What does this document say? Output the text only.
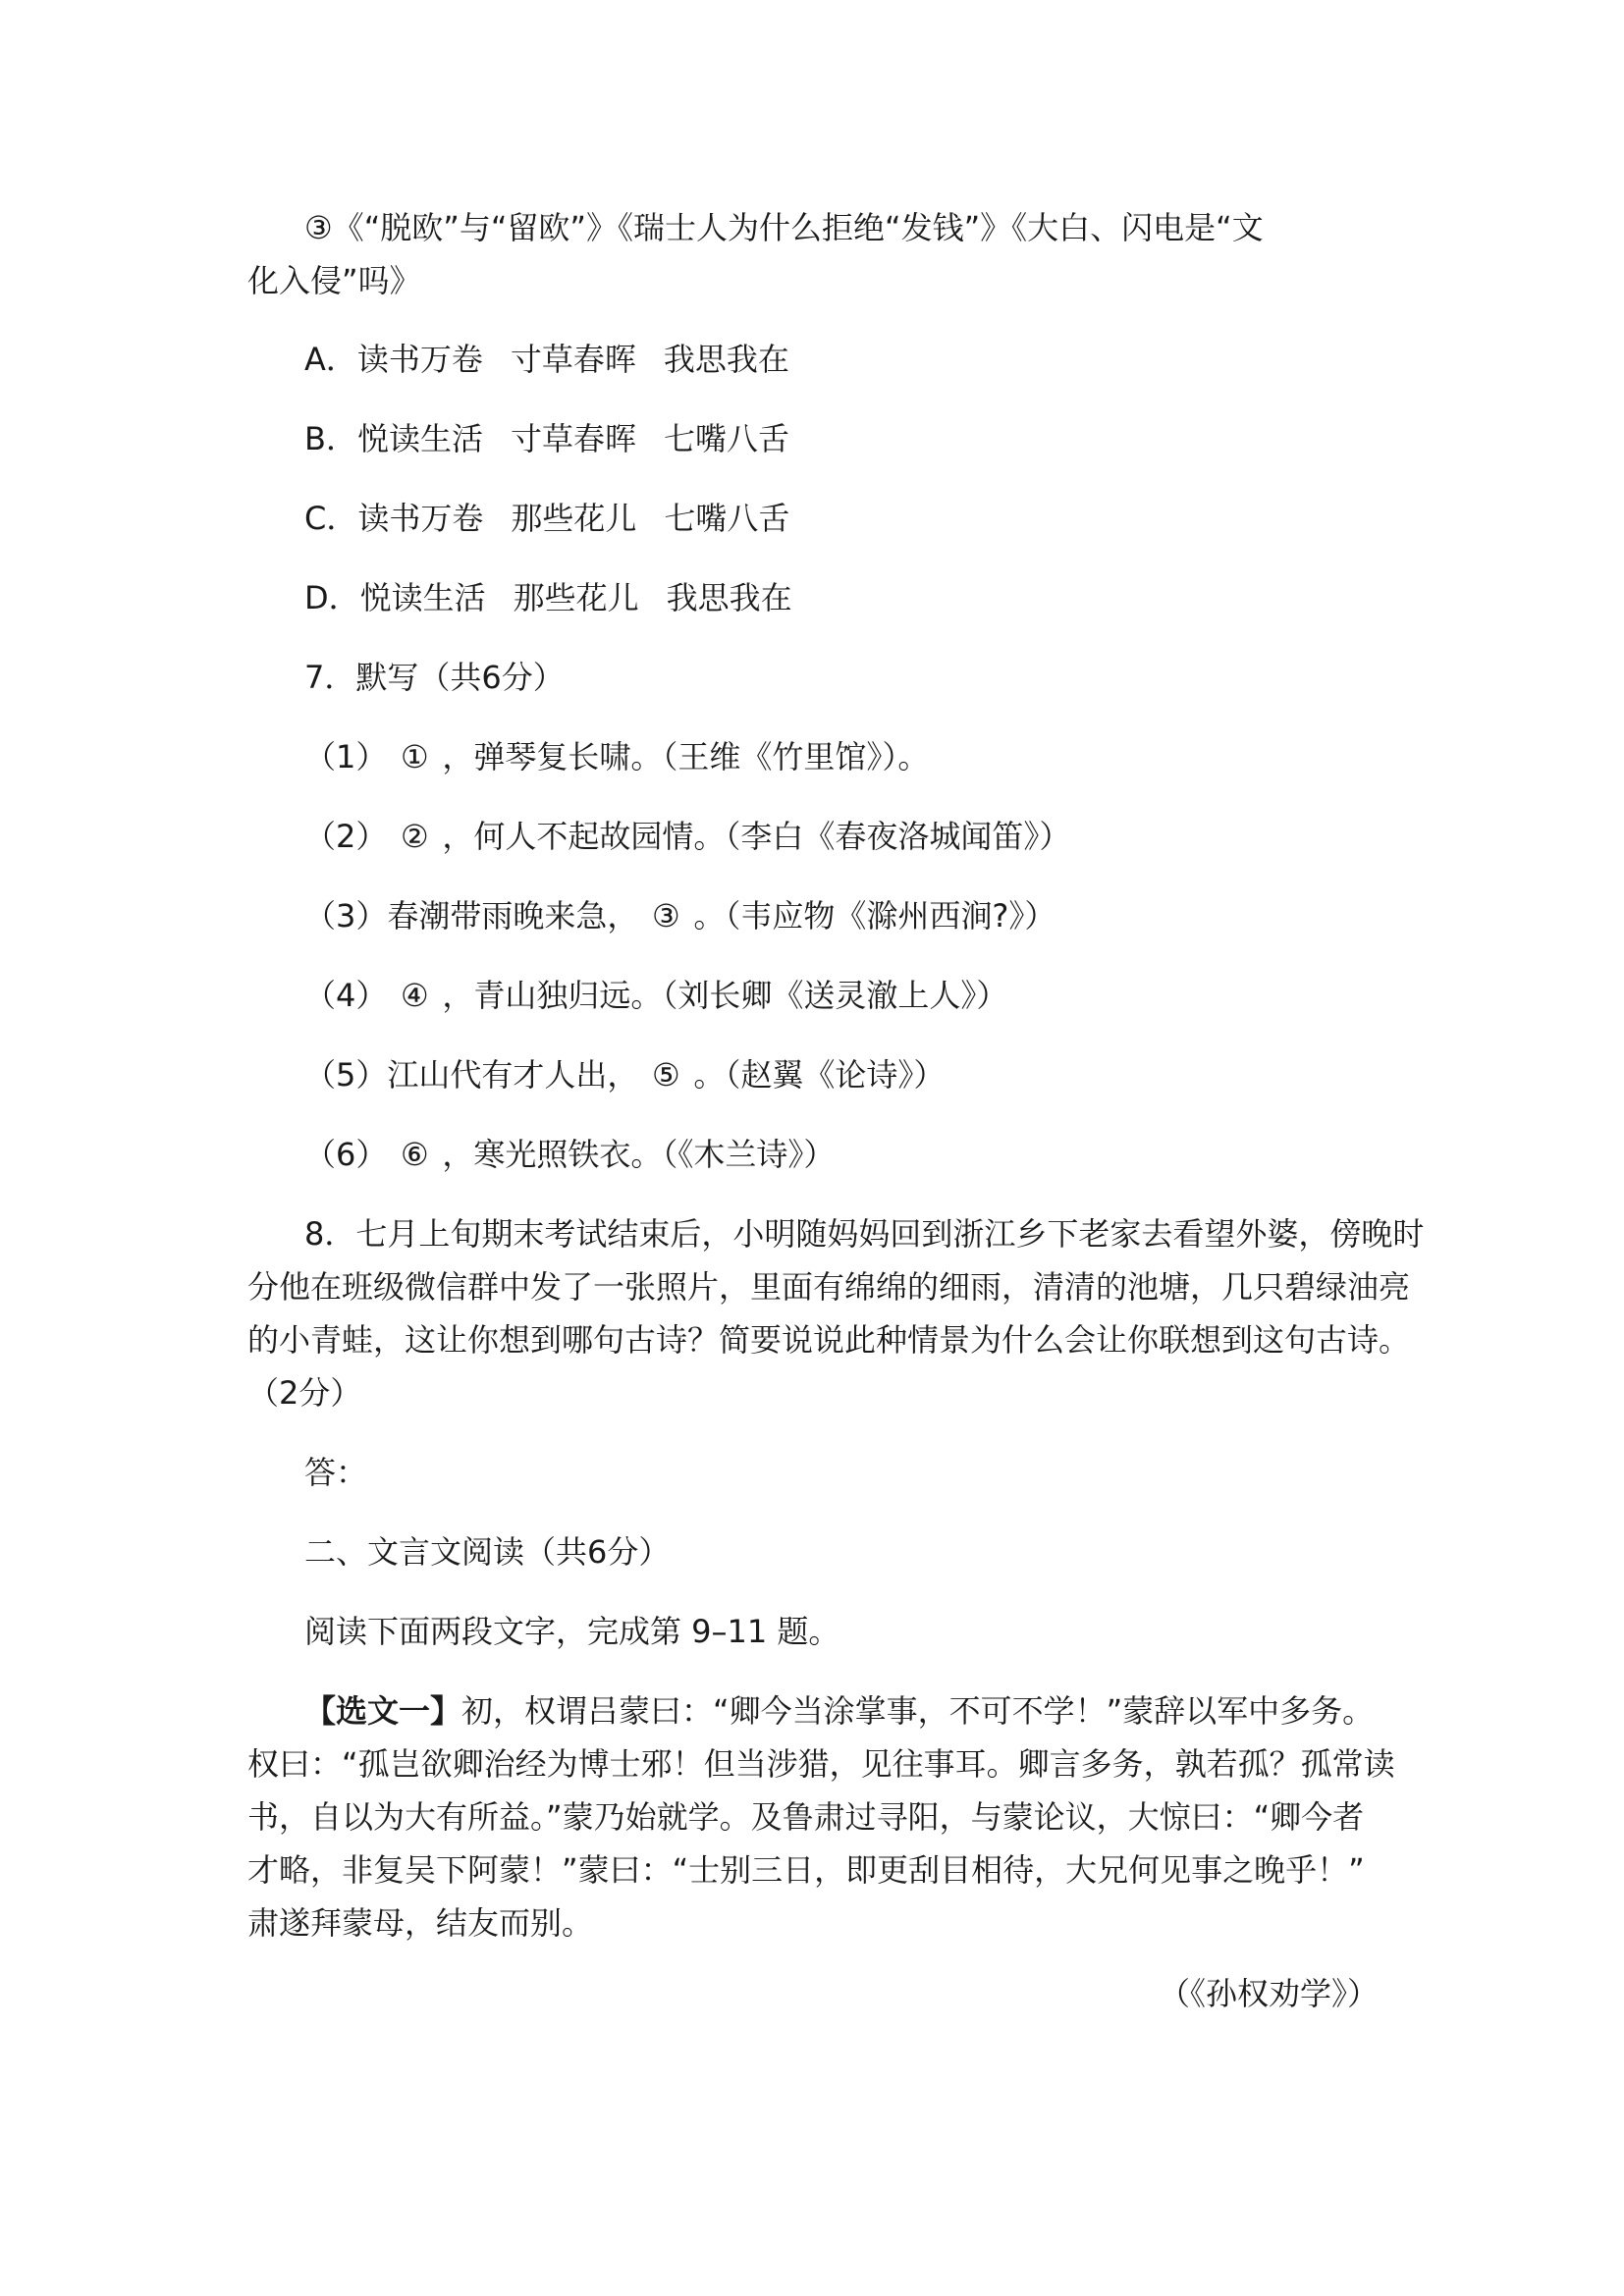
③《“脱欧”与“留欧”》《瑞士人为什么拒绝“发钱”》《大白、闪电是“文
化入侵”吗》
A．读书万卷 寸草春晖 我思我在
B．悦读生活 寸草春晖 七嘴八舌
C．读书万卷 那些花儿 七嘴八舌
D．悦读生活 那些花儿 我思我在
7．默写（共6分）
（1） ① ，弹琴复长啸。（王维《竹里馆》）。
（2） ② ，何人不起故园情。（李白《春夜洛城闻笛》）
（3）春潮带雨晚来急， ③ 。（韦应物《滁州西涧?》）
（4） ④ ，青山独归远。（刘长卿《送灵澈上人》）
（5）江山代有才人出， ⑤ 。（赵翼《论诗》）
（6） ⑥ ，寒光照铁衣。（《木兰诗》）
8．七月上旬期末考试结束后，小明随妈妈回到浙江乡下老家去看望外婆，傍晚时
分他在班级微信群中发了一张照片，里面有绵绵的细雨，清清的池塘，几只碧绿油亮
的小青蛙，这让你想到哪句古诗？简要说说此种情景为什么会让你联想到这句古诗。
（2分）
答：
二、文言文阅读（共6分）
阅读下面两段文字，完成第 9–11 题。
【选文一】初，权谓吕蒙曰：“卿今当涂掌事，不可不学！”蒙辞以军中多务。
权曰：“孤岂欲卿治经为博士邪！但当涉猎，见往事耳。卿言多务，孰若孤？孤常读
书，自以为大有所益。”蒙乃始就学。及鲁肃过寻阳，与蒙论议，大惊曰：“卿今者
才略，非复吴下阿蒙！”蒙曰：“士别三日，即更刮目相待，大兄何见事之晚乎！”
肃遂拜蒙母，结友而别。
（《孙权劝学》）
